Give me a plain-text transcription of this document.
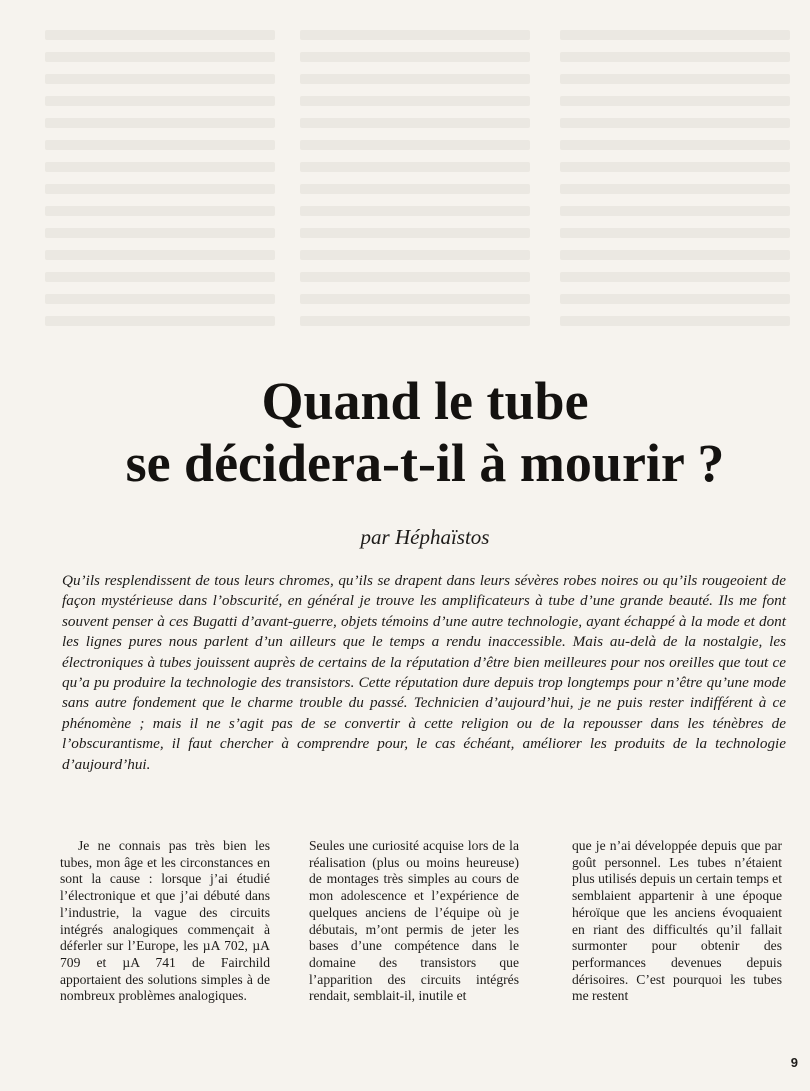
Quand le tube
se décidera-t-il à mourir ?

par Héphaïstos

Qu’ils resplendissent de tous leurs chromes, qu’ils se drapent dans leurs sévères robes noires ou qu’ils rougeoient de façon mystérieuse dans l’obscurité, en général je trouve les amplificateurs à tube d’une grande beauté. Ils me font souvent penser à ces Bugatti d’avant-guerre, objets témoins d’une autre technologie, ayant échappé à la mode et dont les lignes pures nous parlent d’un ailleurs que le temps a rendu inaccessible. Mais au-delà de la nostalgie, les électroniques à tubes jouissent auprès de certains de la réputation d’être bien meilleures pour nos oreilles que tout ce qu’a pu produire la technologie des transistors. Cette réputation dure depuis trop longtemps pour n’être qu’une mode sans autre fondement que le charme trouble du passé. Technicien d’aujourd’hui, je ne puis rester indifférent à ce phénomène ; mais il ne s’agit pas de se convertir à cette religion ou de la repousser dans les ténèbres de l’obscurantisme, il faut chercher à comprendre pour, le cas échéant, améliorer les produits de la technologie d’aujourd’hui.

Je ne connais pas très bien les tubes, mon âge et les circonstances en sont la cause : lorsque j’ai étudié l’électronique et que j’ai débuté dans l’industrie, la vague des circuits intégrés analogiques commençait à déferler sur l’Europe, les µA 702, µA 709 et µA 741 de Fairchild apportaient des solutions simples à de nombreux problèmes analogiques.

Seules une curiosité acquise lors de la réalisation (plus ou moins heureuse) de montages très simples au cours de mon adolescence et l’expérience de quelques anciens de l’équipe où je débutais, m’ont permis de jeter les bases d’une compétence dans le domaine des transistors que l’apparition des circuits intégrés rendait, semblait-il, inutile et

que je n’ai développée depuis que par goût personnel. Les tubes n’étaient plus utilisés depuis un certain temps et semblaient appartenir à une époque héroïque que les anciens évoquaient en riant des difficultés qu’il fallait surmonter pour obtenir des performances devenues depuis dérisoires. C’est pourquoi les tubes me restent

9
